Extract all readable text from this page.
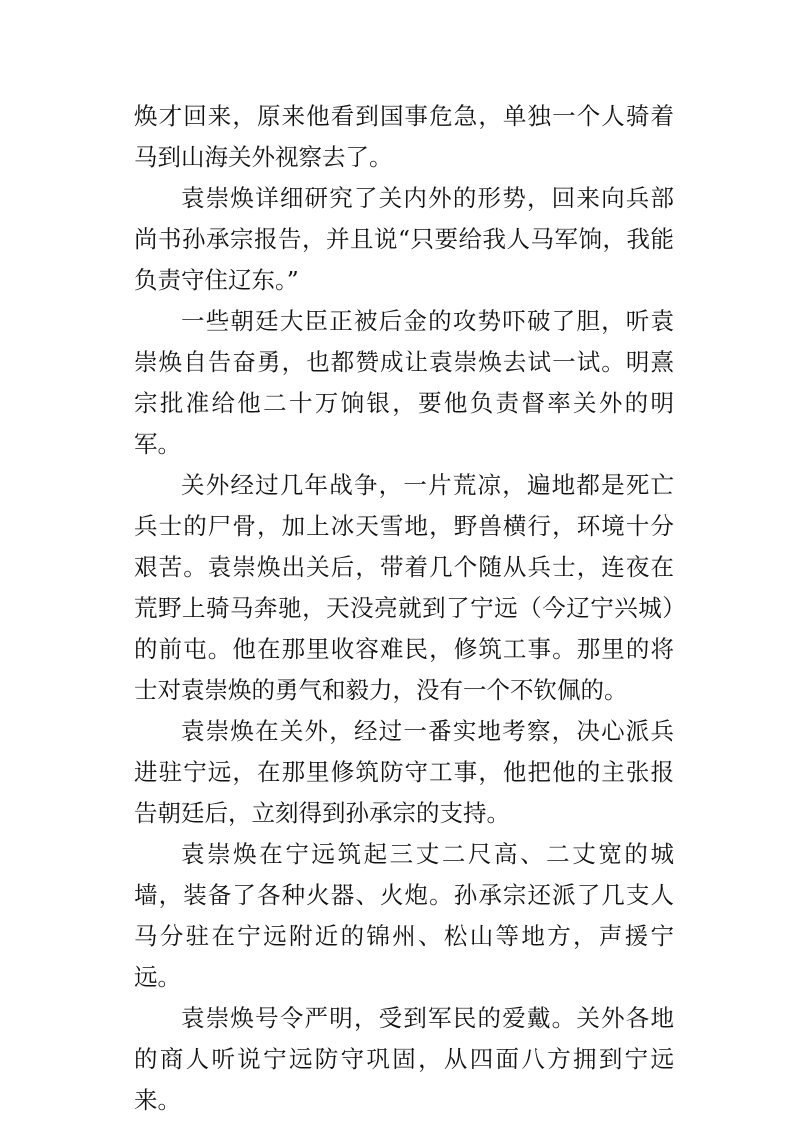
焕才回来，原来他看到国事危急，单独一个人骑着马到山海关外视察去了。

袁崇焕详细研究了关内外的形势，回来向兵部尚书孙承宗报告，并且说“只要给我人马军饷，我能负责守住辽东。”

一些朝廷大臣正被后金的攻势吓破了胆，听袁崇焕自告奋勇，也都赞成让袁崇焕去试一试。明熹宗批准给他二十万饷银，要他负责督率关外的明军。

关外经过几年战争，一片荒凉，遍地都是死亡兵士的尸骨，加上冰天雪地，野兽横行，环境十分艰苦。袁崇焕出关后，带着几个随从兵士，连夜在荒野上骑马奔驰，天没亮就到了宁远（今辽宁兴城）的前屯。他在那里收容难民，修筑工事。那里的将士对袁崇焕的勇气和毅力，没有一个不钦佩的。

袁崇焕在关外，经过一番实地考察，决心派兵进驻宁远，在那里修筑防守工事，他把他的主张报告朝廷后，立刻得到孙承宗的支持。

袁崇焕在宁远筑起三丈二尺高、二丈宽的城墙，装备了各种火器、火炮。孙承宗还派了几支人马分驻在宁远附近的锦州、松山等地方，声援宁远。

袁崇焕号令严明，受到军民的爱戴。关外各地的商人听说宁远防守巩固，从四面八方拥到宁远来。
